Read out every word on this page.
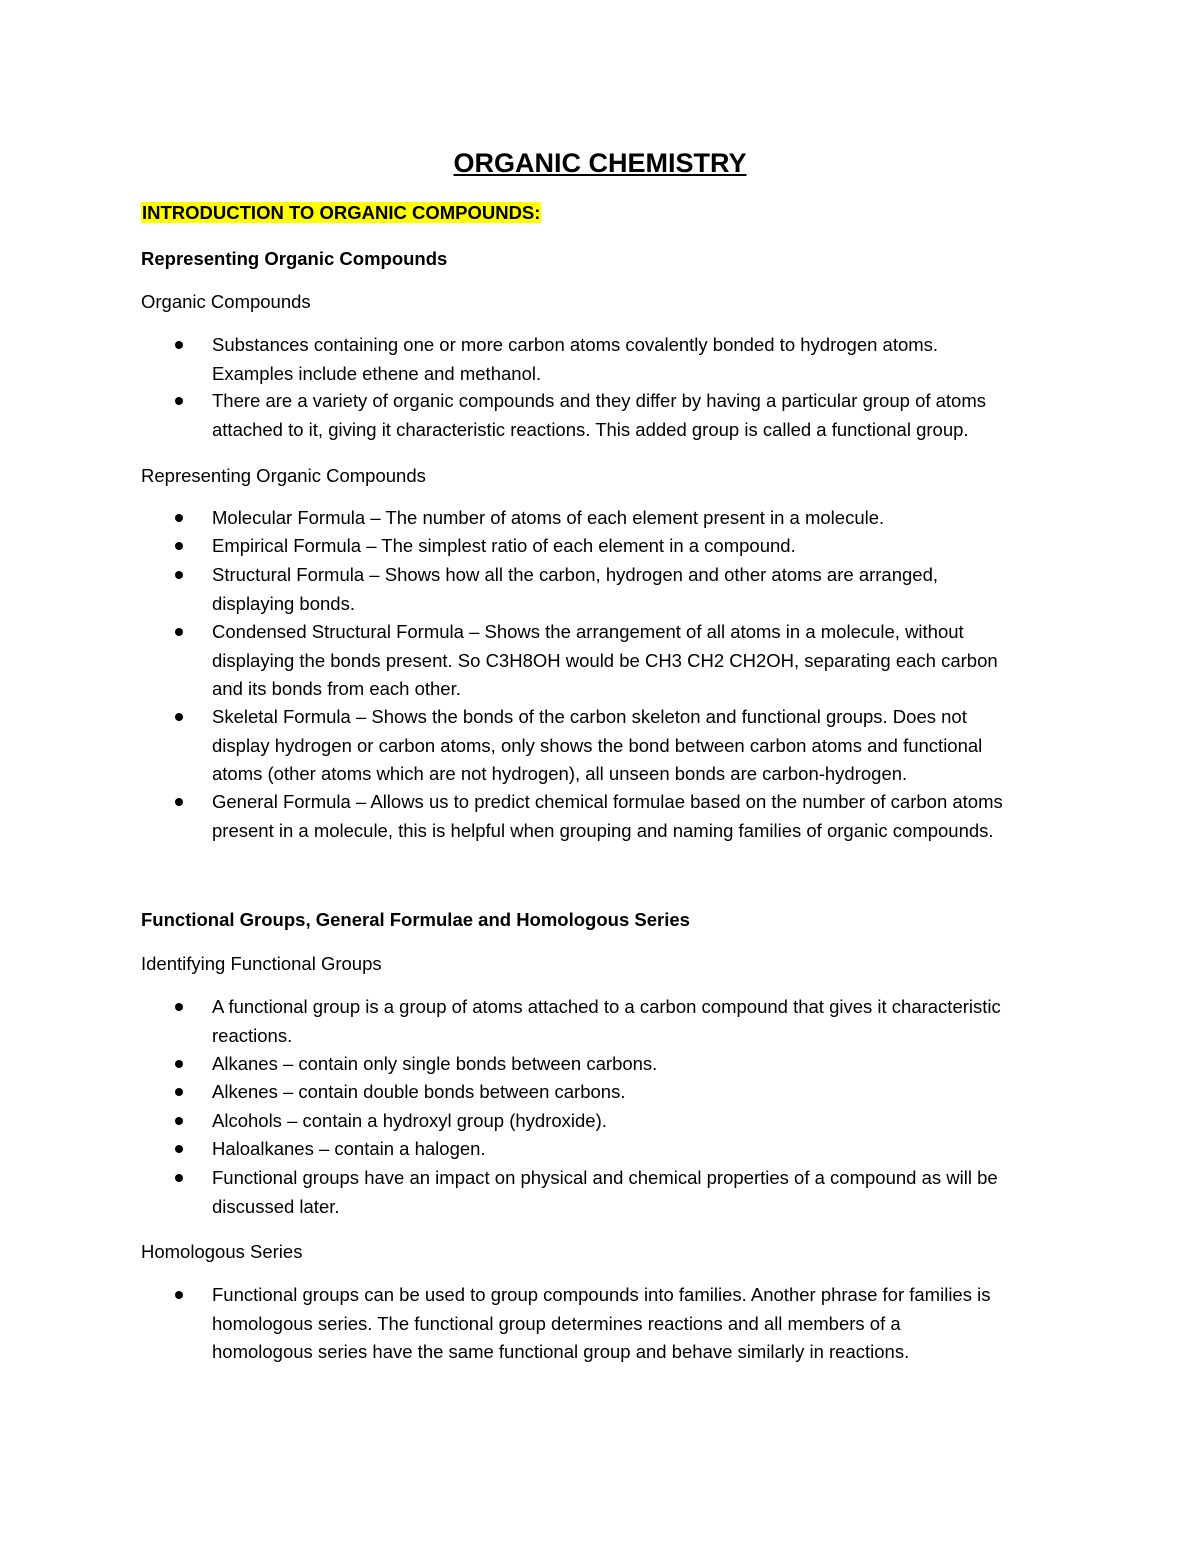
ORGANIC CHEMISTRY
INTRODUCTION TO ORGANIC COMPOUNDS:
Representing Organic Compounds
Organic Compounds
Substances containing one or more carbon atoms covalently bonded to hydrogen atoms.
Examples include ethene and methanol.
There are a variety of organic compounds and they differ by having a particular group of atoms
attached to it, giving it characteristic reactions. This added group is called a functional group.
Representing Organic Compounds
Molecular Formula – The number of atoms of each element present in a molecule.
Empirical Formula – The simplest ratio of each element in a compound.
Structural Formula – Shows how all the carbon, hydrogen and other atoms are arranged,
displaying bonds.
Condensed Structural Formula – Shows the arrangement of all atoms in a molecule, without
displaying the bonds present. So C3H8OH would be CH3 CH2 CH2OH, separating each carbon
and its bonds from each other.
Skeletal Formula – Shows the bonds of the carbon skeleton and functional groups. Does not
display hydrogen or carbon atoms, only shows the bond between carbon atoms and functional
atoms (other atoms which are not hydrogen), all unseen bonds are carbon-hydrogen.
General Formula – Allows us to predict chemical formulae based on the number of carbon atoms
present in a molecule, this is helpful when grouping and naming families of organic compounds.
Functional Groups, General Formulae and Homologous Series
Identifying Functional Groups
A functional group is a group of atoms attached to a carbon compound that gives it characteristic
reactions.
Alkanes – contain only single bonds between carbons.
Alkenes – contain double bonds between carbons.
Alcohols – contain a hydroxyl group (hydroxide).
Haloalkanes – contain a halogen.
Functional groups have an impact on physical and chemical properties of a compound as will be
discussed later.
Homologous Series
Functional groups can be used to group compounds into families. Another phrase for families is
homologous series. The functional group determines reactions and all members of a
homologous series have the same functional group and behave similarly in reactions.
